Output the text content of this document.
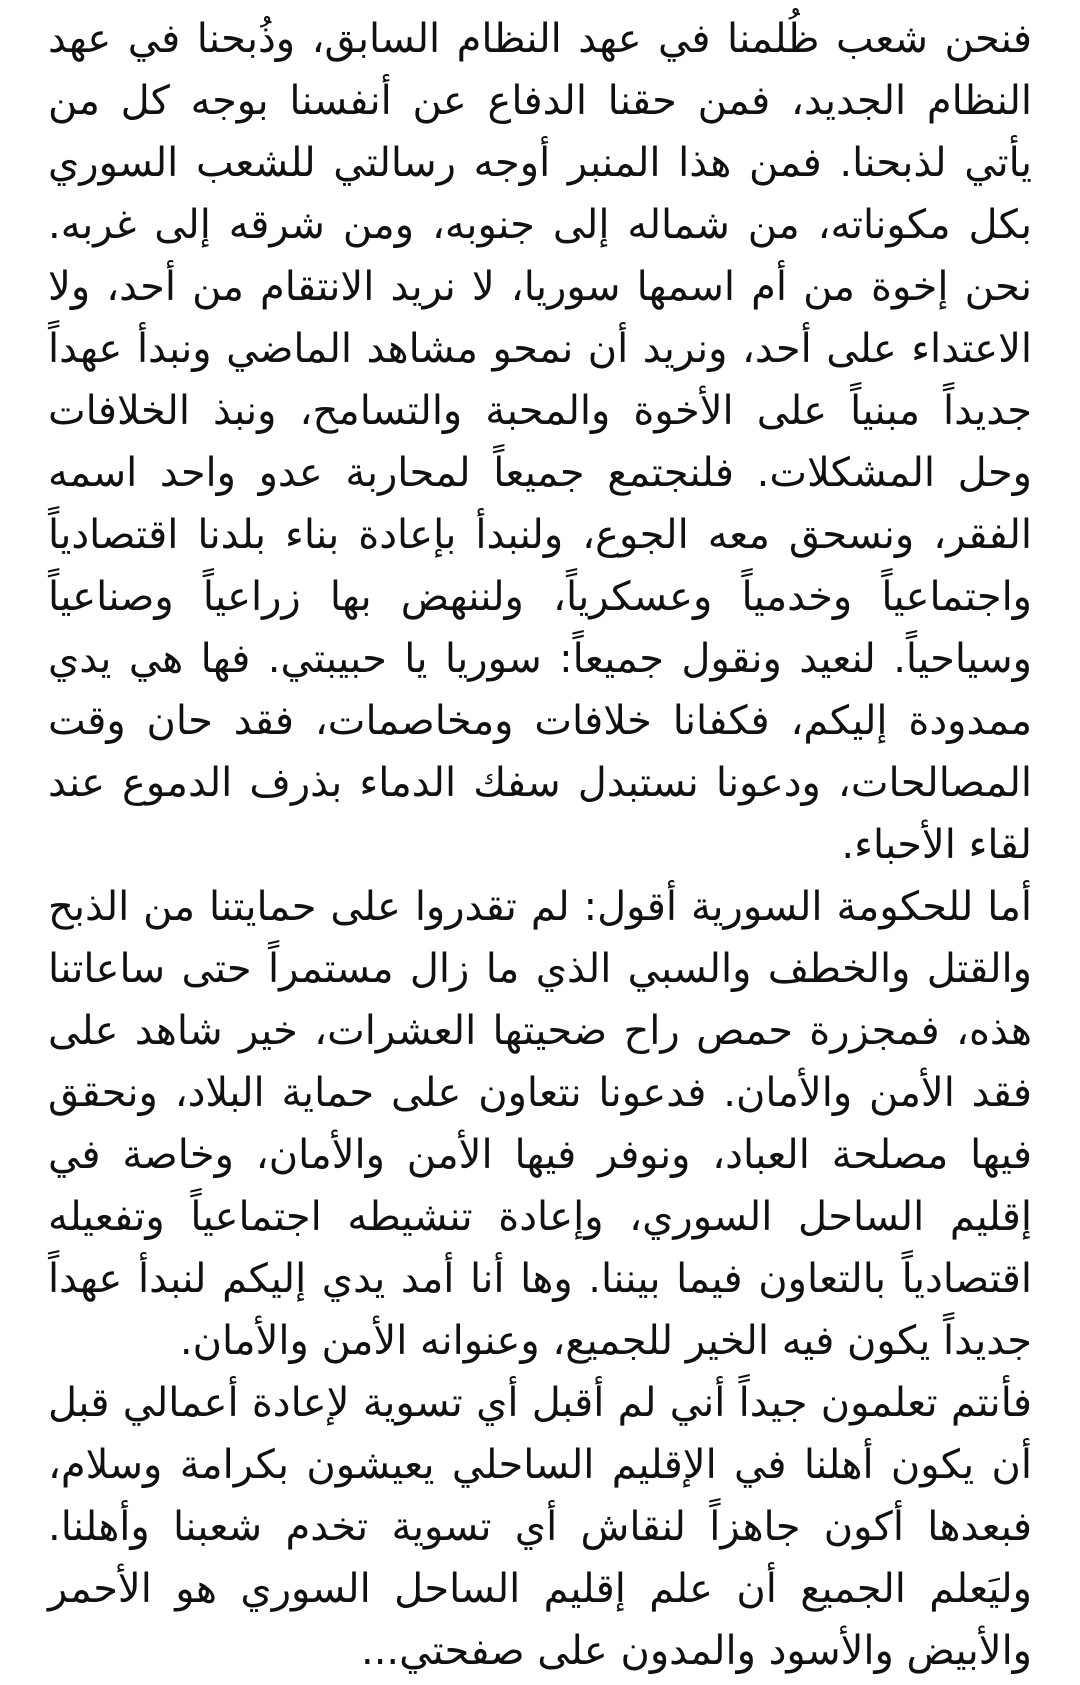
فنحن شعب ظُلمنا في عهد النظام السابق، وذُبحنا في عهد النظام الجديد، فمن حقنا الدفاع عن أنفسنا بوجه كل من يأتي لذبحنا. فمن هذا المنبر أوجه رسالتي للشعب السوري بكل مكوناته، من شماله إلى جنوبه، ومن شرقه إلى غربه. نحن إخوة من أم اسمها سوريا، لا نريد الانتقام من أحد، ولا الاعتداء على أحد، ونريد أن نمحو مشاهد الماضي ونبدأ عهداً جديداً مبنياً على الأخوة والمحبة والتسامح، ونبذ الخلافات وحل المشكلات. فلنجتمع جميعاً لمحاربة عدو واحد اسمه الفقر، ونسحق معه الجوع، ولنبدأ بإعادة بناء بلدنا اقتصادياً واجتماعياً وخدمياً وعسكرياً، ولننهض بها زراعياً وصناعياً وسياحياً. لنعيد ونقول جميعاً: سوريا يا حبيبتي. فها هي يدي ممدودة إليكم، فكفانا خلافات ومخاصمات، فقد حان وقت المصالحات، ودعونا نستبدل سفك الدماء بذرف الدموع عند لقاء الأحباء.

أما للحكومة السورية أقول: لم تقدروا على حمايتنا من الذبح والقتل والخطف والسبي الذي ما زال مستمراً حتى ساعاتنا هذه، فمجزرة حمص راح ضحيتها العشرات، خير شاهد على فقد الأمن والأمان. فدعونا نتعاون على حماية البلاد، ونحقق فيها مصلحة العباد، ونوفر فيها الأمن والأمان، وخاصة في إقليم الساحل السوري، وإعادة تنشيطه اجتماعياً وتفعيله اقتصادياً بالتعاون فيما بيننا. وها أنا أمد يدي إليكم لنبدأ عهداً جديداً يكون فيه الخير للجميع، وعنوانه الأمن والأمان.

فأنتم تعلمون جيداً أني لم أقبل أي تسوية لإعادة أعمالي قبل أن يكون أهلنا في الإقليم الساحلي يعيشون بكرامة وسلام، فبعدها أكون جاهزاً لنقاش أي تسوية تخدم شعبنا وأهلنا. وليَعلم الجميع أن علم إقليم الساحل السوري هو الأحمر والأبيض والأسود والمدون على صفحتي...
